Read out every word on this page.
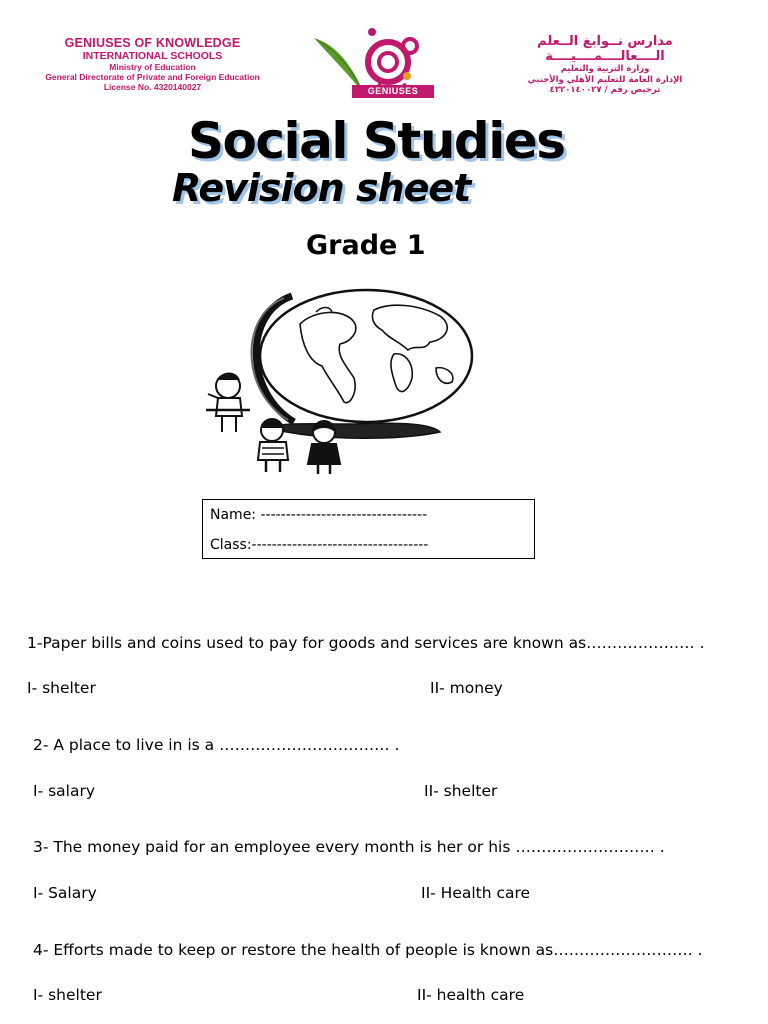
GENIUSES OF KNOWLEDGE
INTERNATIONAL SCHOOLS
Ministry of Education
General Directorate of Private and Foreign Education
License No. 4320140027	GENIUSES
مدارس نــوابغ الــعلم
الــــعالــــمــــيــــة
وزارة التربية والتعليم
الإدارة العامة للتعليم الأهلي والأجنبي
ترخيص رقم / ٤٣٢٠١٤٠٠٢٧
Social Studies
Revision sheet
Grade 1
Name: ---------------------------------
Class:-----------------------------------
1-Paper bills and coins used to pay for goods and services are known as………………… .
I- shelter	II- money
2- A place to live in is a …………………………… .
I- salary	II- shelter
3- The money paid for an employee every month is her or his ……………………… .
I- Salary	II- Health care
4- Efforts made to keep or restore the health of people is known as……………………… .
I- shelter	II- health care
